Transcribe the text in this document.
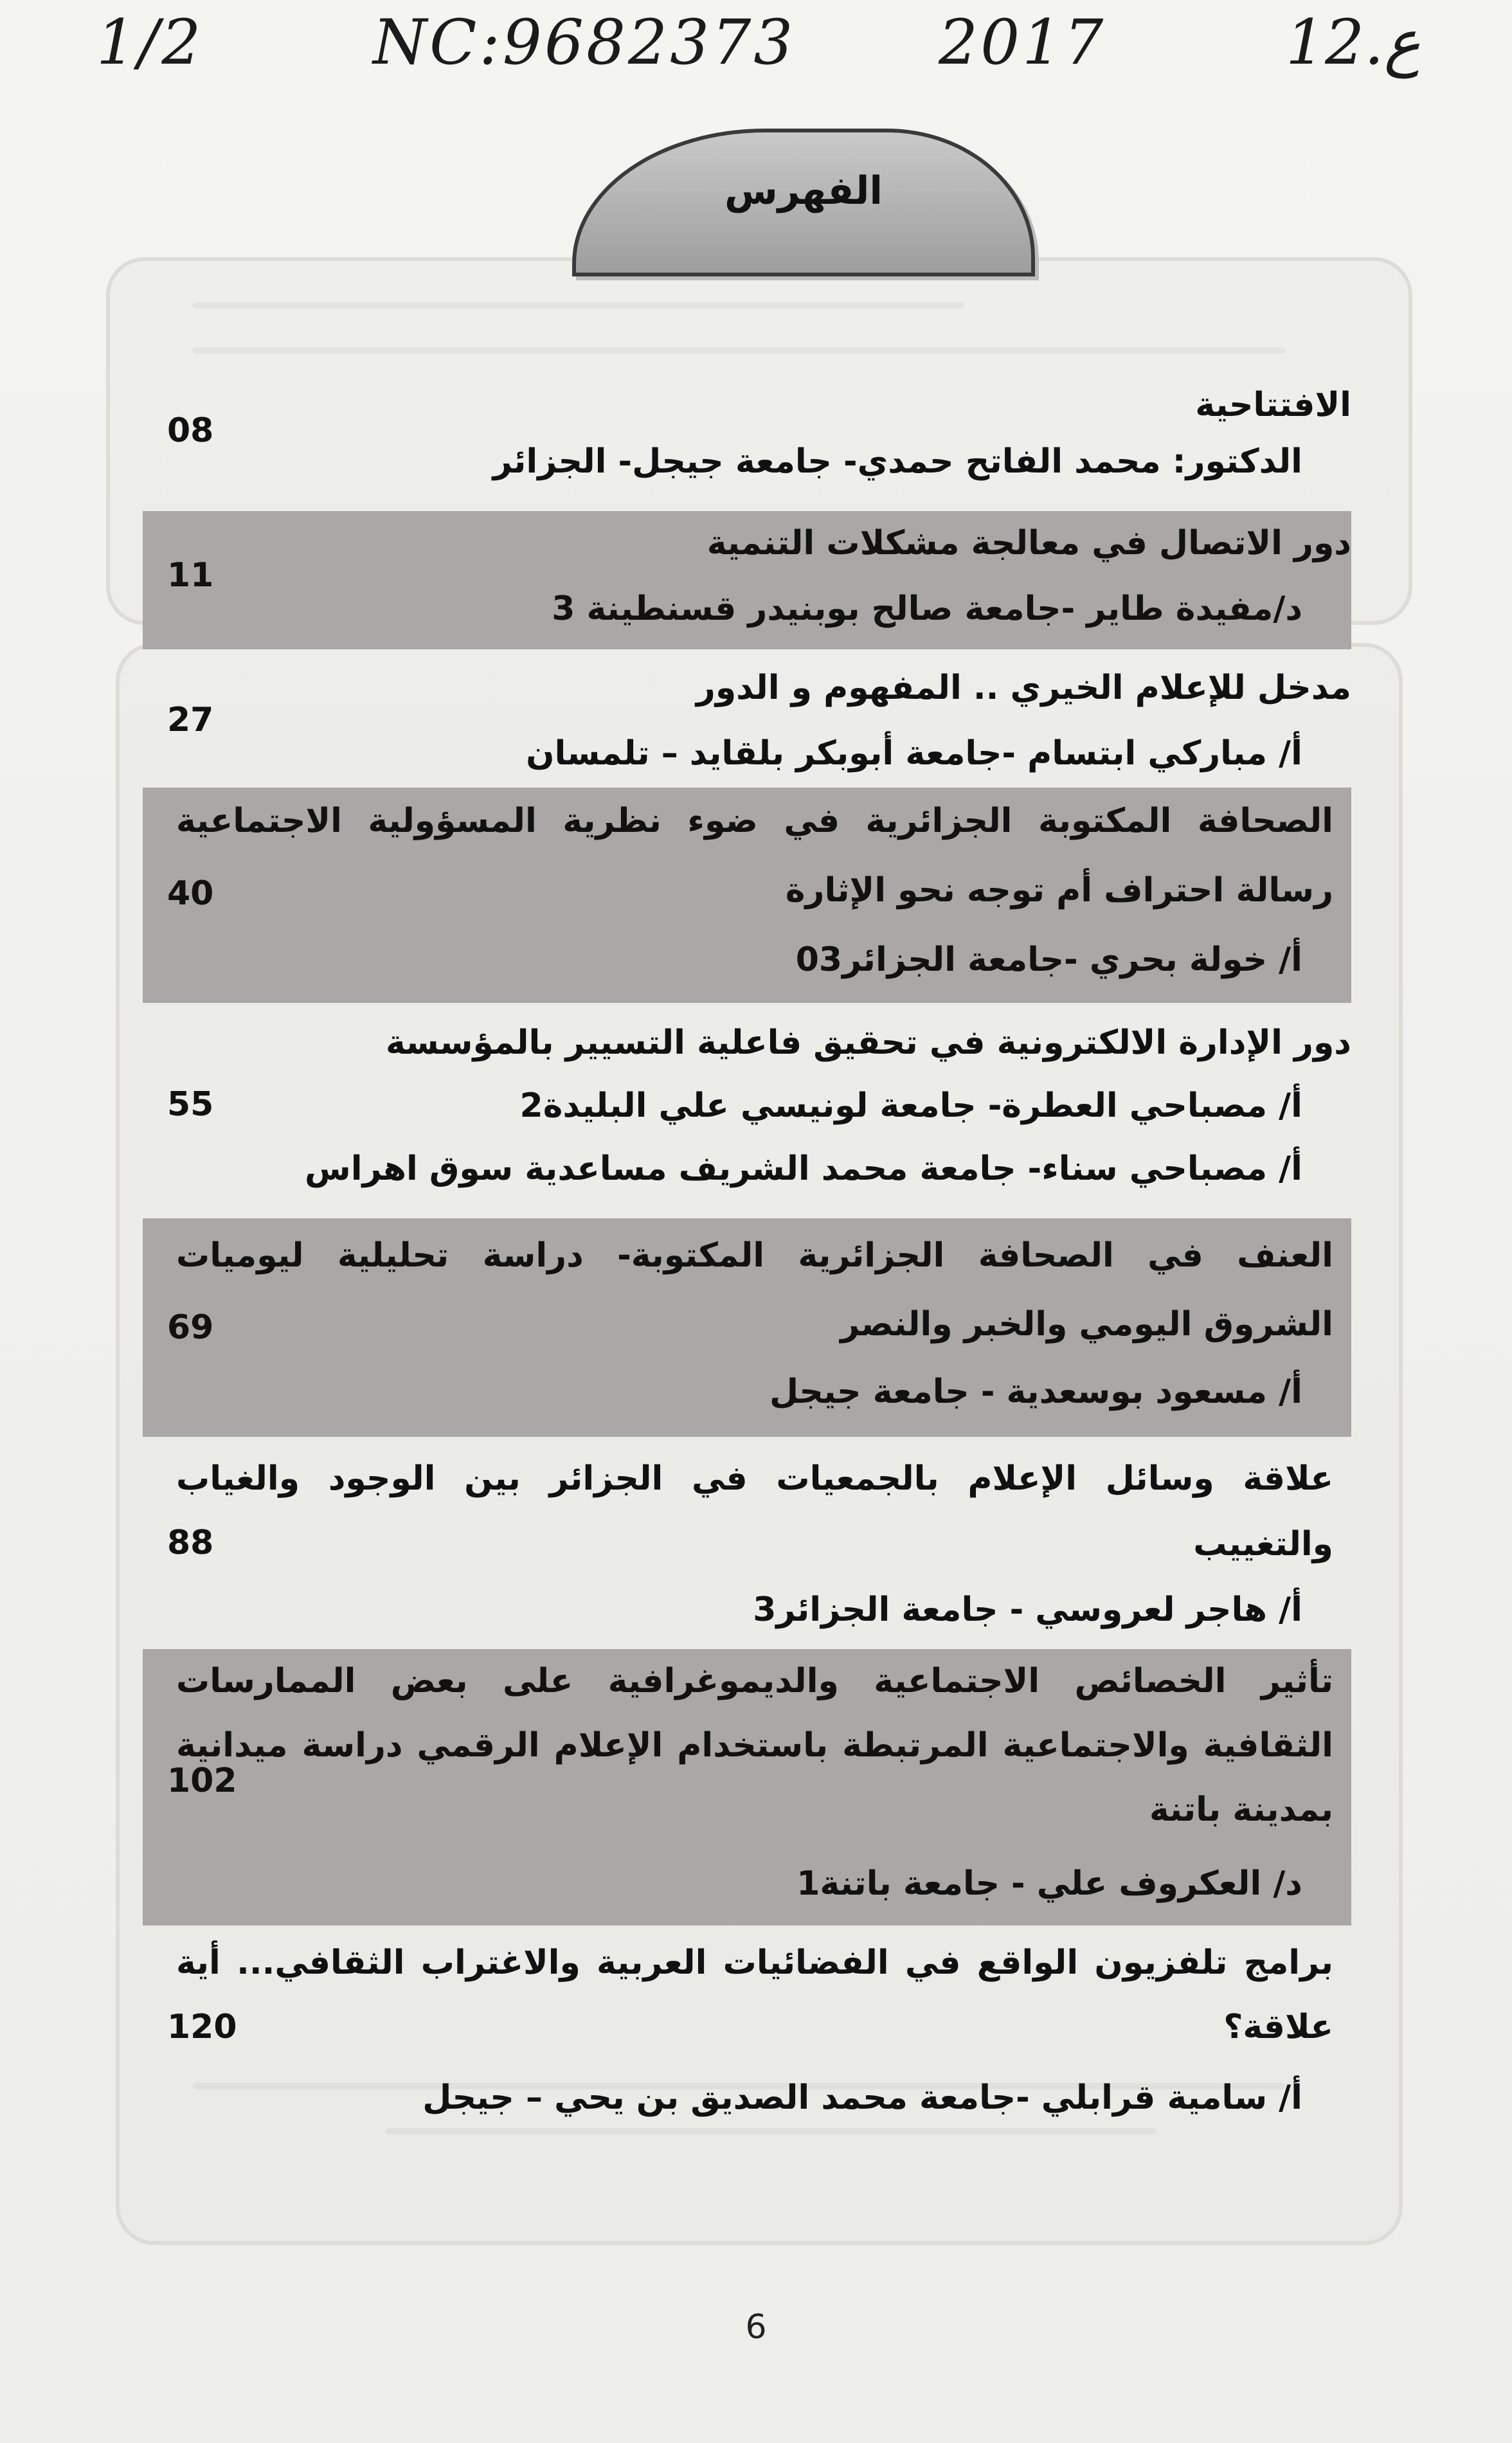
1/2	NC:9682373 2017	12.ع
الفهرس
الافتتاحية
الدكتور: محمد الفاتح حمدي- جامعة جيجل- الجزائر
08
دور الاتصال في معالجة مشكلات التنمية
د/مفيدة طاير -جامعة صالح بوبنيدر قسنطينة 3
11
مدخل للإعلام الخيري .. المفهوم و الدور
أ/ مباركي ابتسام -جامعة أبوبكر بلقايد – تلمسان
27
الصحافة المكتوبة الجزائرية في ضوء نظرية المسؤولية الاجتماعية
رسالة احتراف أم توجه نحو الإثارة
أ/ خولة بحري -جامعة الجزائر03
40
دور الإدارة الالكترونية في تحقيق فاعلية التسيير بالمؤسسة
أ/ مصباحي العطرة- جامعة لونيسي علي البليدة2
أ/ مصباحي سناء- جامعة محمد الشريف مساعدية سوق اهراس
55
العنف في الصحافة الجزائرية المكتوبة- دراسة تحليلية ليوميات
الشروق اليومي والخبر والنصر
أ/ مسعود بوسعدية - جامعة جيجل
69
علاقة وسائل الإعلام بالجمعيات في الجزائر بين الوجود والغياب
والتغييب
أ/ هاجر لعروسي - جامعة الجزائر3
88
تأثير الخصائص الاجتماعية والديموغرافية على بعض الممارسات
الثقافية والاجتماعية المرتبطة باستخدام الإعلام الرقمي دراسة ميدانية
بمدينة باتنة
د/ العكروف علي - جامعة باتنة1
102
برامج تلفزيون الواقع في الفضائيات العربية والاغتراب الثقافي... أية
علاقة؟
أ/ سامية قرابلي -جامعة محمد الصديق بن يحي – جيجل
120
6
